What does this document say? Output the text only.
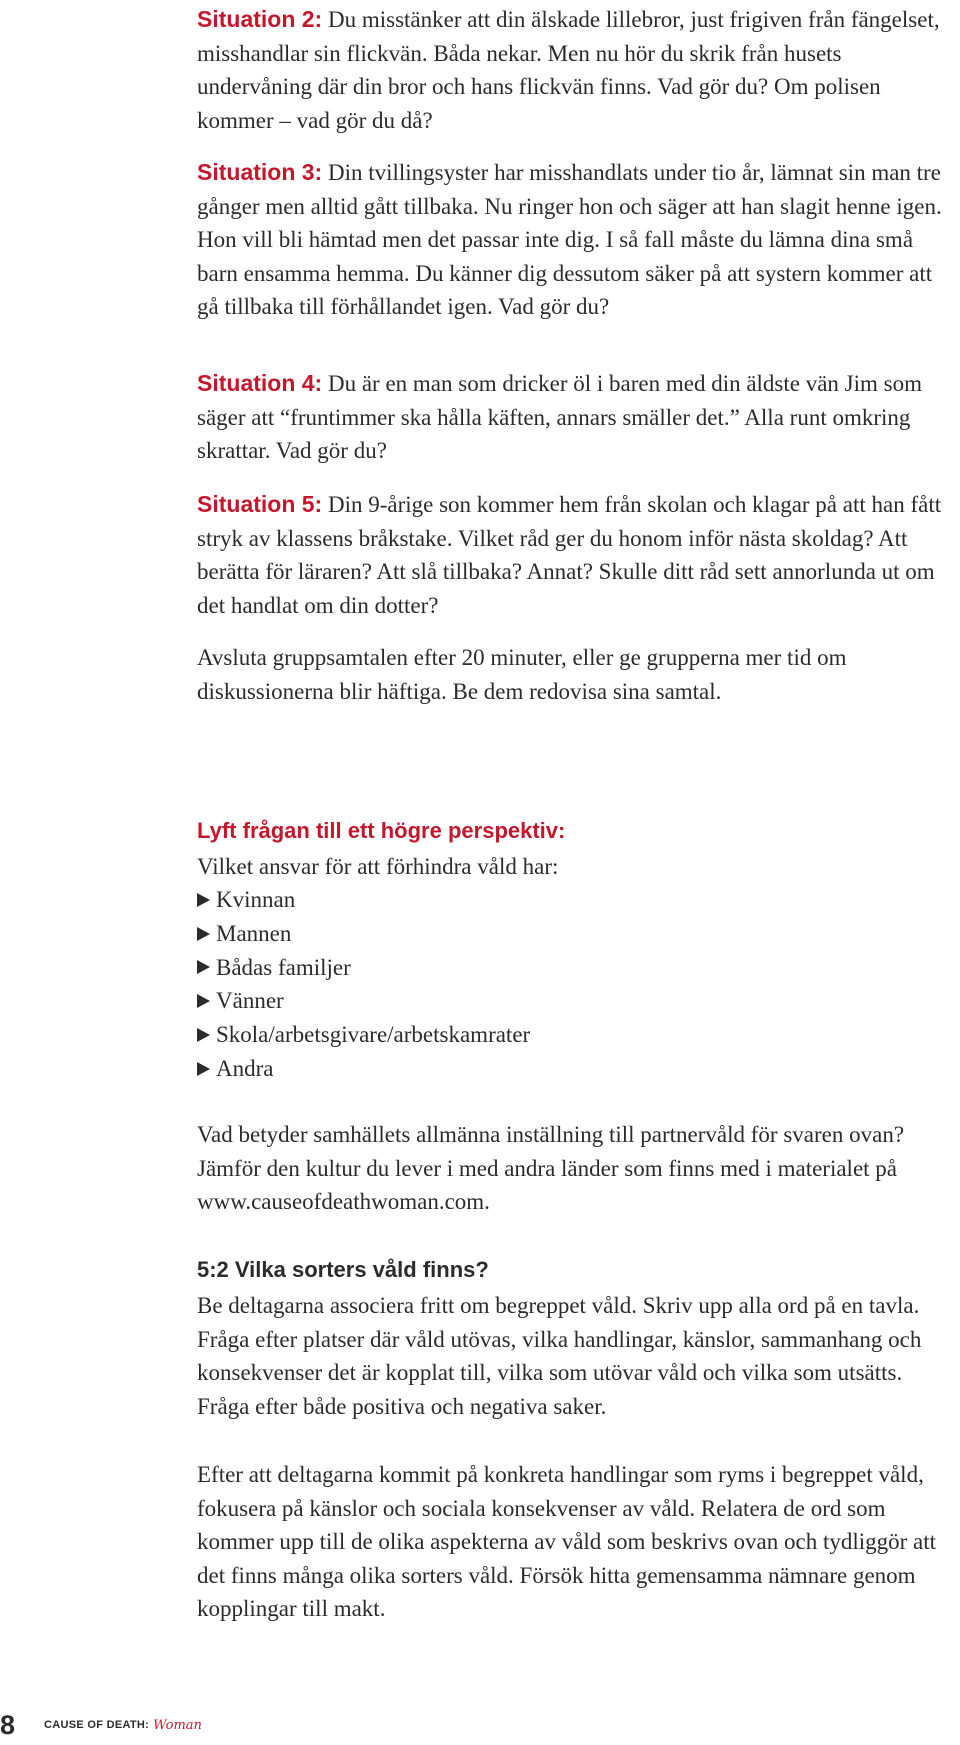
Situation 2: Du misstänker att din älskade lillebror, just frigiven från fängelset, misshandlar sin flickvän. Båda nekar. Men nu hör du skrik från husets undervåning där din bror och hans flickvän finns. Vad gör du? Om polisen kommer – vad gör du då?

Situation 3: Din tvillingsyster har misshandlats under tio år, lämnat sin man tre gånger men alltid gått tillbaka. Nu ringer hon och säger att han slagit henne igen. Hon vill bli hämtad men det passar inte dig. I så fall måste du lämna dina små barn ensamma hemma. Du känner dig dessutom säker på att systern kommer att gå tillbaka till förhållandet igen. Vad gör du?

Situation 4: Du är en man som dricker öl i baren med din äldste vän Jim som säger att “fruntimmer ska hålla käften, annars smäller det.” Alla runt omkring skrattar. Vad gör du?

Situation 5: Din 9-årige son kommer hem från skolan och klagar på att han fått stryk av klassens bråkstake. Vilket råd ger du honom inför nästa skoldag? Att berätta för läraren? Att slå tillbaka? Annat? Skulle ditt råd sett annorlunda ut om det handlat om din dotter?

Avsluta gruppsamtalen efter 20 minuter, eller ge grupperna mer tid om diskussionerna blir häftiga. Be dem redovisa sina samtal.

Lyft frågan till ett högre perspektiv:

Vilket ansvar för att förhindra våld har:

Kvinnan
Mannen
Bådas familjer
Vänner
Skola/arbetsgivare/arbetskamrater
Andra

Vad betyder samhällets allmänna inställning till partnervåld för svaren ovan? Jämför den kultur du lever i med andra länder som finns med i materialet på www.causeofdeathwoman.com.

5:2 Vilka sorters våld finns?

Be deltagarna associera fritt om begreppet våld. Skriv upp alla ord på en tavla. Fråga efter platser där våld utövas, vilka handlingar, känslor, sammanhang och konsekvenser det är kopplat till, vilka som utövar våld och vilka som utsätts. Fråga efter både positiva och negativa saker.

Efter att deltagarna kommit på konkreta handlingar som ryms i begreppet våld, fokusera på känslor och sociala konsekvenser av våld. Relatera de ord som kommer upp till de olika aspekterna av våld som beskrivs ovan och tydliggör att det finns många olika sorters våld. Försök hitta gemensamma nämnare genom kopplingar till makt.

8	CAUSE OF DEATH: Woman
